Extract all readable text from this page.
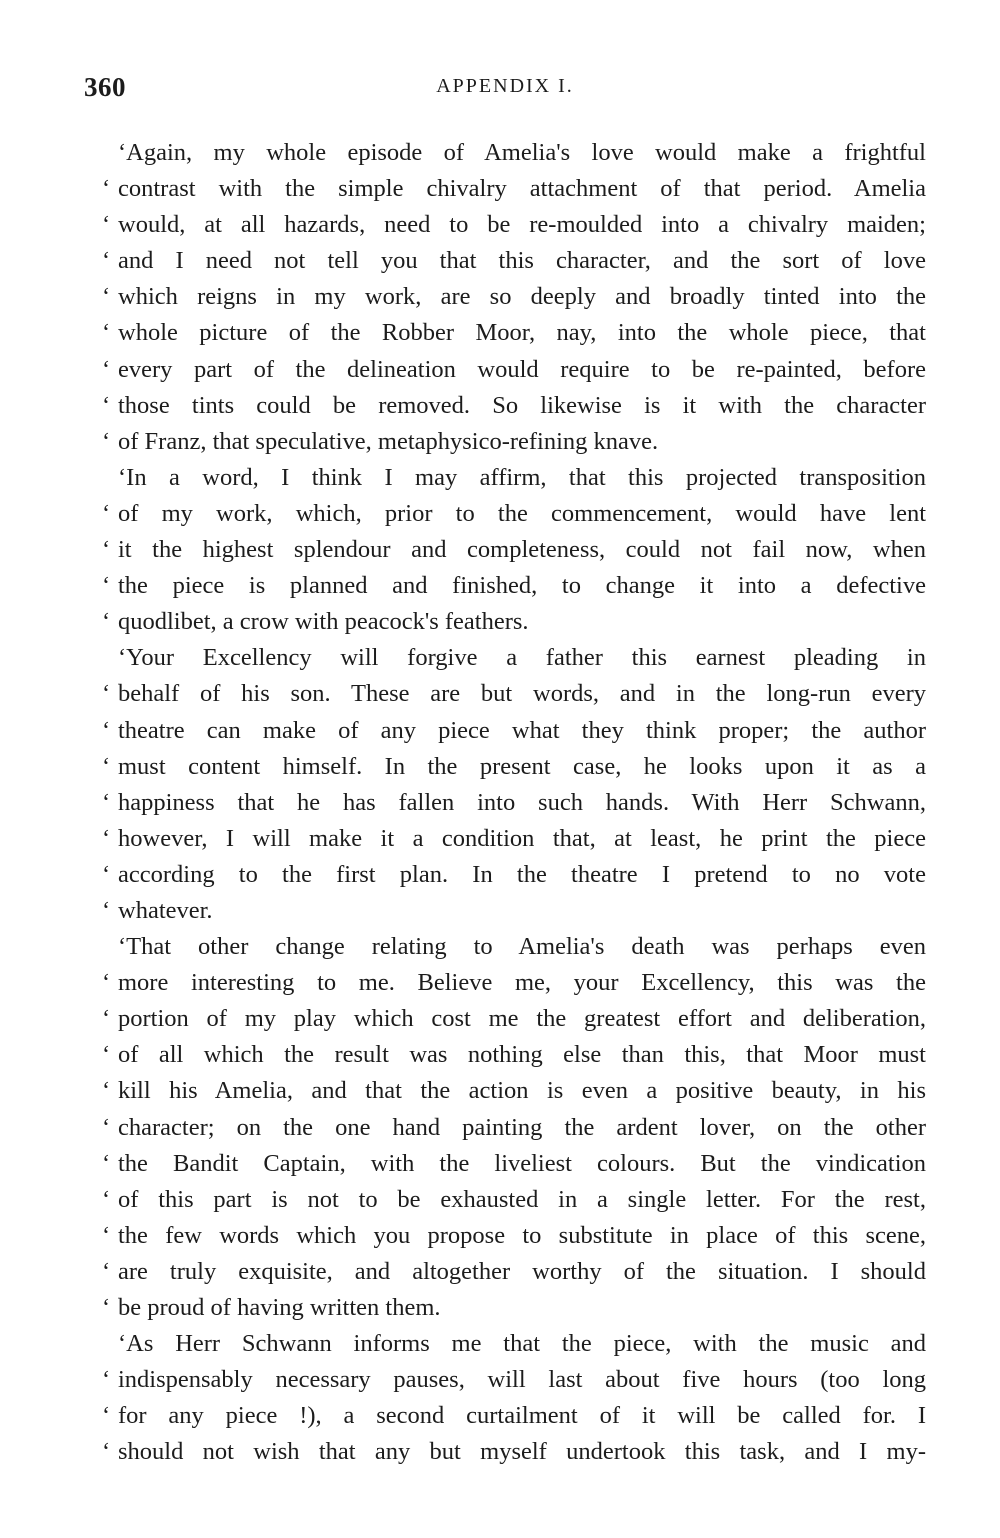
360	APPENDIX I.
‘Again, my whole episode of Amelia's love would make a frightful
‘ contrast with the simple chivalry attachment of that period. Amelia
‘ would, at all hazards, need to be re-moulded into a chivalry maiden;
‘ and I need not tell you that this character, and the sort of love
‘ which reigns in my work, are so deeply and broadly tinted into the
‘ whole picture of the Robber Moor, nay, into the whole piece, that
‘ every part of the delineation would require to be re-painted, before
‘ those tints could be removed. So likewise is it with the character
‘ of Franz, that speculative, metaphysico-refining knave.
‘In a word, I think I may affirm, that this projected transposition
‘ of my work, which, prior to the commencement, would have lent
‘ it the highest splendour and completeness, could not fail now, when
‘ the piece is planned and finished, to change it into a defective
‘ quodlibet, a crow with peacock's feathers.
‘Your Excellency will forgive a father this earnest pleading in
‘ behalf of his son. These are but words, and in the long-run every
‘ theatre can make of any piece what they think proper; the author
‘ must content himself. In the present case, he looks upon it as a
‘ happiness that he has fallen into such hands. With Herr Schwann,
‘ however, I will make it a condition that, at least, he print the piece
‘ according to the first plan. In the theatre I pretend to no vote
‘ whatever.
‘That other change relating to Amelia's death was perhaps even
‘ more interesting to me. Believe me, your Excellency, this was the
‘ portion of my play which cost me the greatest effort and deliberation,
‘ of all which the result was nothing else than this, that Moor must
‘ kill his Amelia, and that the action is even a positive beauty, in his
‘ character; on the one hand painting the ardent lover, on the other
‘ the Bandit Captain, with the liveliest colours. But the vindication
‘ of this part is not to be exhausted in a single letter. For the rest,
‘ the few words which you propose to substitute in place of this scene,
‘ are truly exquisite, and altogether worthy of the situation. I should
‘ be proud of having written them.
‘As Herr Schwann informs me that the piece, with the music and
‘ indispensably necessary pauses, will last about five hours (too long
‘ for any piece !), a second curtailment of it will be called for. I
‘ should not wish that any but myself undertook this task, and I my-
